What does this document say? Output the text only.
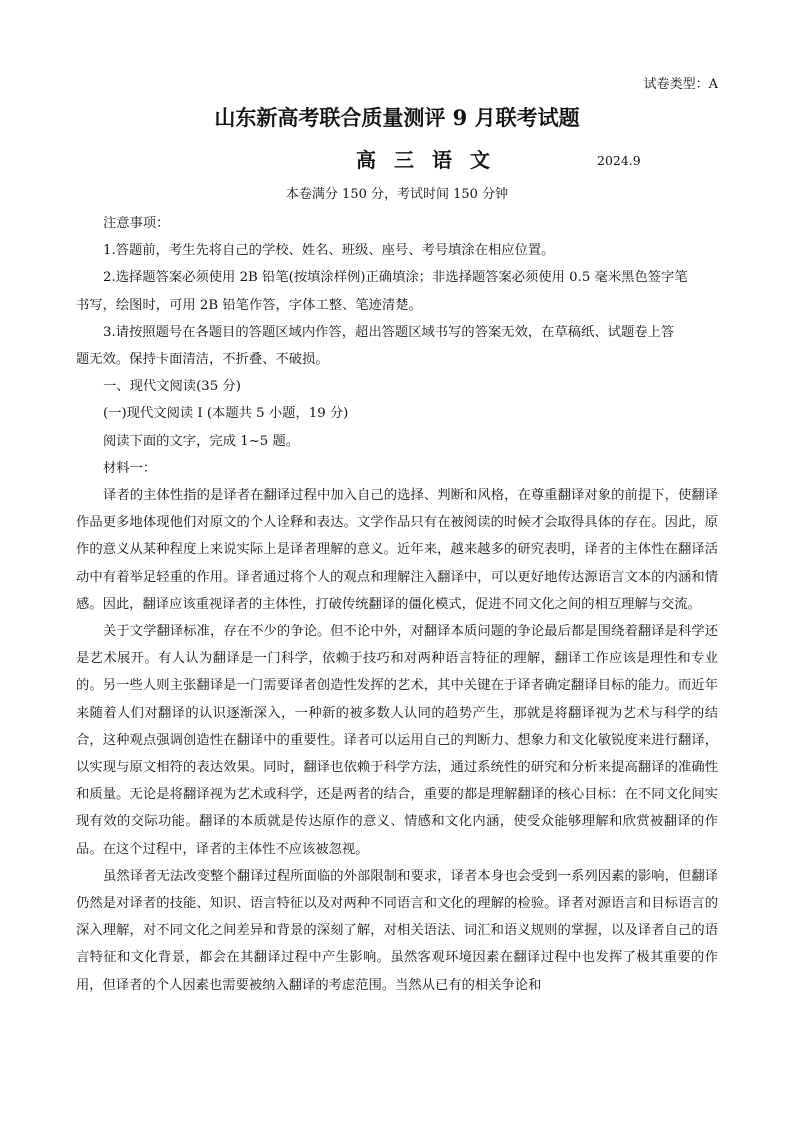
试卷类型：A
山东新高考联合质量测评 9 月联考试题
高三语文	2024.9
本卷满分 150 分，考试时间 150 分钟

注意事项：

1.答题前，考生先将自己的学校、姓名、班级、座号、考号填涂在相应位置。

2.选择题答案必须使用 2B 铅笔(按填涂样例)正确填涂；非选择题答案必须使用 0.5 毫米黑色签字笔

书写，绘图时，可用 2B 铅笔作答，字体工整、笔迹清楚。

3.请按照题号在各题目的答题区域内作答，超出答题区域书写的答案无效，在草稿纸、试题卷上答

题无效。保持卡面清洁，不折叠、不破损。

一、现代文阅读(35 分)

(一)现代文阅读 I (本题共 5 小题，19 分)

阅读下面的文字，完成 1~5 题。

材料一：

译者的主体性指的是译者在翻译过程中加入自己的选择、判断和风格，在尊重翻译对象的前提下，使翻译作品更多地体现他们对原文的个人诠释和表达。文学作品只有在被阅读的时候才会取得具体的存在。因此，原作的意义从某种程度上来说实际上是译者理解的意义。近年来，越来越多的研究表明，译者的主体性在翻译活动中有着举足轻重的作用。译者通过将个人的观点和理解注入翻译中，可以更好地传达源语言文本的内涵和情感。因此，翻译应该重视译者的主体性，打破传统翻译的僵化模式，促进不同文化之间的相互理解与交流。

关于文学翻译标准，存在不少的争论。但不论中外，对翻译本质问题的争论最后都是围绕着翻译是科学还是艺术展开。有人认为翻译是一门科学，依赖于技巧和对两种语言特征的理解，翻译工作应该是理性和专业的。另一些人则主张翻译是一门需要译者创造性发挥的艺术，其中关键在于译者确定翻译目标的能力。而近年来随着人们对翻译的认识逐渐深入，一种新的被多数人认同的趋势产生，那就是将翻译视为艺术与科学的结合，这种观点强调创造性在翻译中的重要性。译者可以运用自己的判断力、想象力和文化敏锐度来进行翻译，以实现与原文相符的表达效果。同时，翻译也依赖于科学方法，通过系统性的研究和分析来提高翻译的准确性和质量。无论是将翻译视为艺术或科学，还是两者的结合，重要的都是理解翻译的核心目标：在不同文化间实现有效的交际功能。翻译的本质就是传达原作的意义、情感和文化内涵，使受众能够理解和欣赏被翻译的作品。在这个过程中，译者的主体性不应该被忽视。

虽然译者无法改变整个翻译过程所面临的外部限制和要求，译者本身也会受到一系列因素的影响，但翻译仍然是对译者的技能、知识、语言特征以及对两种不同语言和文化的理解的检验。译者对源语言和目标语言的深入理解，对不同文化之间差异和背景的深刻了解，对相关语法、词汇和语义规则的掌握，以及译者自己的语言特征和文化背景，都会在其翻译过程中产生影响。虽然客观环境因素在翻译过程中也发挥了极其重要的作用，但译者的个人因素也需要被纳入翻译的考虑范围。当然从已有的相关争论和
